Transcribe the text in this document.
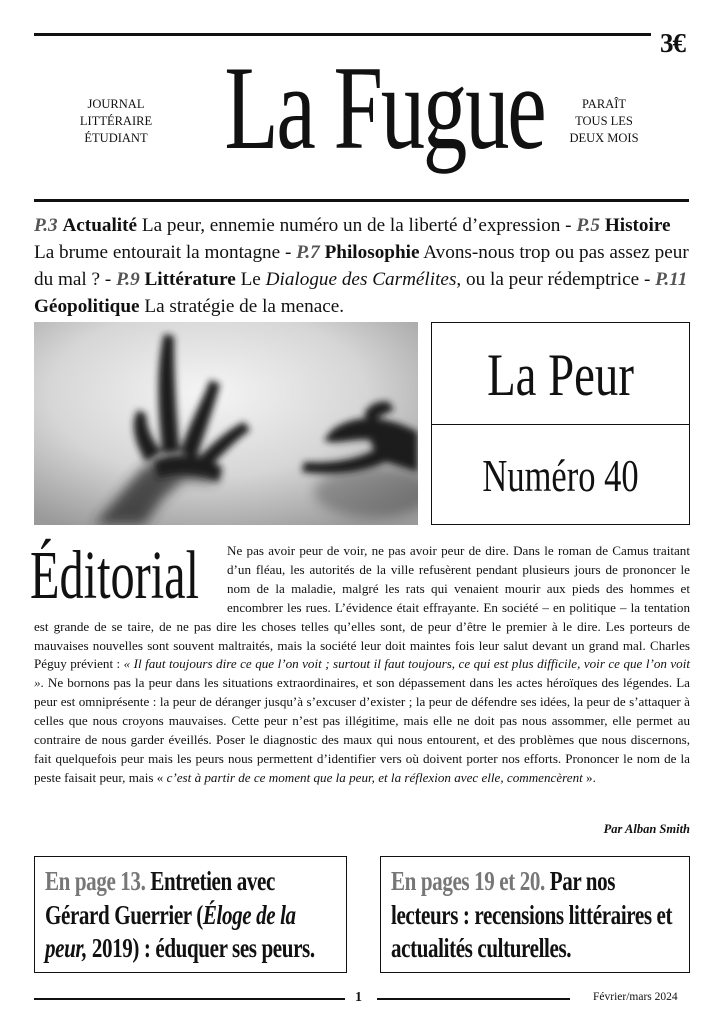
3€
JOURNAL
LITTÉRAIRE
ÉTUDIANT La Fugue	PARAÎT
TOUS LES
DEUX MOIS
P.3 Actualité La peur, ennemie numéro un de la liberté d’expression - P.5 Histoire La brume entourait la montagne - P.7 Philosophie Avons-nous trop ou pas assez peur du mal ? - P.9 Littérature Le Dialogue des Carmélites, ou la peur rédemptrice - P.11 Géopolitique La stratégie de la menace.
La Peur
Numéro 40
Éditorial	Ne pas avoir peur de voir, ne pas avoir peur de dire. Dans le roman de Camus traitant d’un fléau, les autorités de la ville refusèrent pendant plusieurs jours de prononcer le nom de la maladie, malgré les rats qui venaient mourir aux pieds des hommes et encombrer les rues. L’évidence était effrayante. En société – en politique – la tentation est grande de se taire, de ne pas dire les choses telles qu’elles sont, de peur d’être le premier à le dire. Les porteurs de mauvaises nouvelles sont souvent maltraités, mais la société leur doit maintes fois leur salut devant un grand mal. Charles Péguy prévient : « Il faut toujours dire ce que l’on voit ; surtout il faut toujours, ce qui est plus difficile, voir ce que l’on voit ». Ne bornons pas la peur dans les situations extraordinaires, et son dépassement dans les actes héroïques des légendes. La peur est omniprésente : la peur de déranger jusqu’à s’excuser d’exister ; la peur de défendre ses idées, la peur de s’attaquer à celles que nous croyons mauvaises. Cette peur n’est pas illégitime, mais elle ne doit pas nous assommer, elle permet au contraire de nous garder éveillés. Poser le diagnostic des maux qui nous entourent, et des problèmes que nous discernons, fait quelquefois peur mais les peurs nous permettent d’identifier vers où doivent porter nos efforts. Prononcer le nom de la peste faisait peur, mais « c’est à partir de ce moment que la peur, et la réflexion avec elle, commencèrent ».
Par Alban Smith
En page 13. Entretien avec Gérard Guerrier (Éloge de la peur, 2019) : éduquer ses peurs.
En pages 19 et 20. Par nos lecteurs : recensions littéraires et actualités culturelles.
1	Février/mars 2024
